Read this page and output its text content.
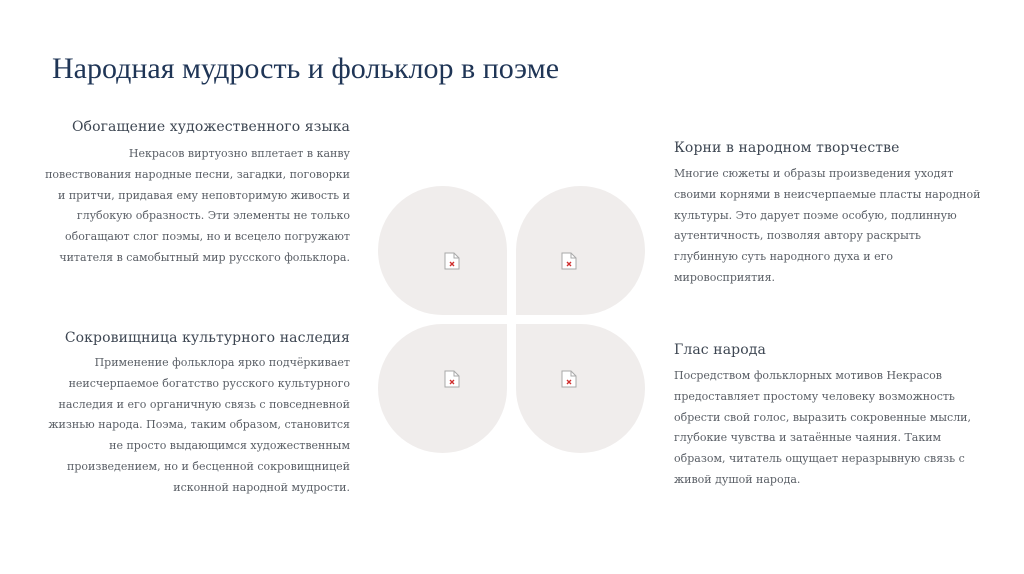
Народная мудрость и фольклор в поэме
Обогащение художественного языка

Некрасов виртуозно вплетает в канву повествования народные песни, загадки, поговорки и притчи, придавая ему неповторимую живость и глубокую образность. Эти элементы не только обогащают слог поэмы, но и всецело погружают читателя в самобытный мир русского фольклора.

Корни в народном творчестве

Многие сюжеты и образы произведения уходят своими корнями в неисчерпаемые пласты народной культуры. Это дарует поэме особую, подлинную аутентичность, позволяя автору раскрыть глубинную суть народного духа и его мировосприятия.

Сокровищница культурного наследия

Применение фольклора ярко подчёркивает неисчерпаемое богатство русского культурного наследия и его органичную связь с повседневной жизнью народа. Поэма, таким образом, становится не просто выдающимся художественным произведением, но и бесценной сокровищницей исконной народной мудрости.

Глас народа

Посредством фольклорных мотивов Некрасов предоставляет простому человеку возможность обрести свой голос, выразить сокровенные мысли, глубокие чувства и затаённые чаяния. Таким образом, читатель ощущает неразрывную связь с живой душой народа.
